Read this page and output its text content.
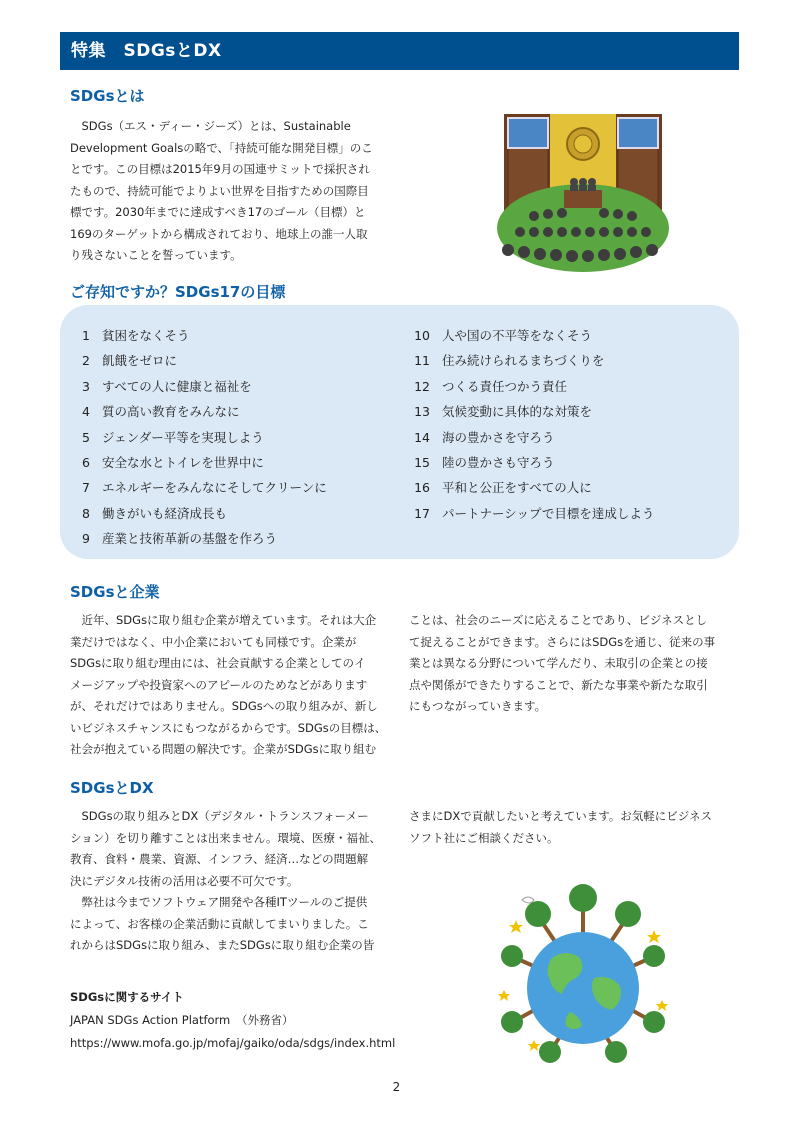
特集　SDGsとDX
SDGsとは
　SDGs（エス・ディー・ジーズ）とは、Sustainable
Development Goalsの略で、「持続可能な開発目標」のこ
とです。この目標は2015年9月の国連サミットで採択され
たもので、持続可能でよりよい世界を目指すための国際目
標です。2030年までに達成すべき17のゴール（目標）と
169のターゲットから構成されており、地球上の誰一人取
り残さないことを誓っています。
ご存知ですか？SDGs17の目標
1 貧困をなくそう
2 飢餓をゼロに
3 すべての人に健康と福祉を
4 質の高い教育をみんなに
5 ジェンダー平等を実現しよう
6 安全な水とトイレを世界中に
7 エネルギーをみんなにそしてクリーンに
8 働きがいも経済成長も
9 産業と技術革新の基盤を作ろう
10 人や国の不平等をなくそう
11 住み続けられるまちづくりを
12 つくる責任つかう責任
13 気候変動に具体的な対策を
14 海の豊かさを守ろう
15 陸の豊かさも守ろう
16 平和と公正をすべての人に
17 パートナーシップで目標を達成しよう
SDGsと企業
　近年、SDGsに取り組む企業が増えています。それは大企
業だけではなく、中小企業においても同様です。企業が
SDGsに取り組む理由には、社会貢献する企業としてのイ
メージアップや投資家へのアピールのためなどがあります
が、それだけではありません。SDGsへの取り組みが、新し
いビジネスチャンスにもつながるからです。SDGsの目標は、
社会が抱えている問題の解決です。企業がSDGsに取り組む
ことは、社会のニーズに応えることであり、ビジネスとし
て捉えることができます。さらにはSDGsを通じ、従来の事
業とは異なる分野について学んだり、未取引の企業との接
点や関係ができたりすることで、新たな事業や新たな取引
にもつながっていきます。
SDGsとDX
　SDGsの取り組みとDX（デジタル・トランスフォーメー
ション）を切り離すことは出来ません。環境、医療・福祉、
教育、食料・農業、資源、インフラ、経済…などの問題解
決にデジタル技術の活用は必要不可欠です。
　弊社は今までソフトウェア開発や各種ITツールのご提供
によって、お客様の企業活動に貢献してまいりました。こ
れからはSDGsに取り組み、またSDGsに取り組む企業の皆
さまにDXで貢献したいと考えています。お気軽にビジネス
ソフト社にご相談ください。
SDGsに関するサイト
JAPAN SDGs Action Platform　（外務省）
https://www.mofa.go.jp/mofaj/gaiko/oda/sdgs/index.html
2
